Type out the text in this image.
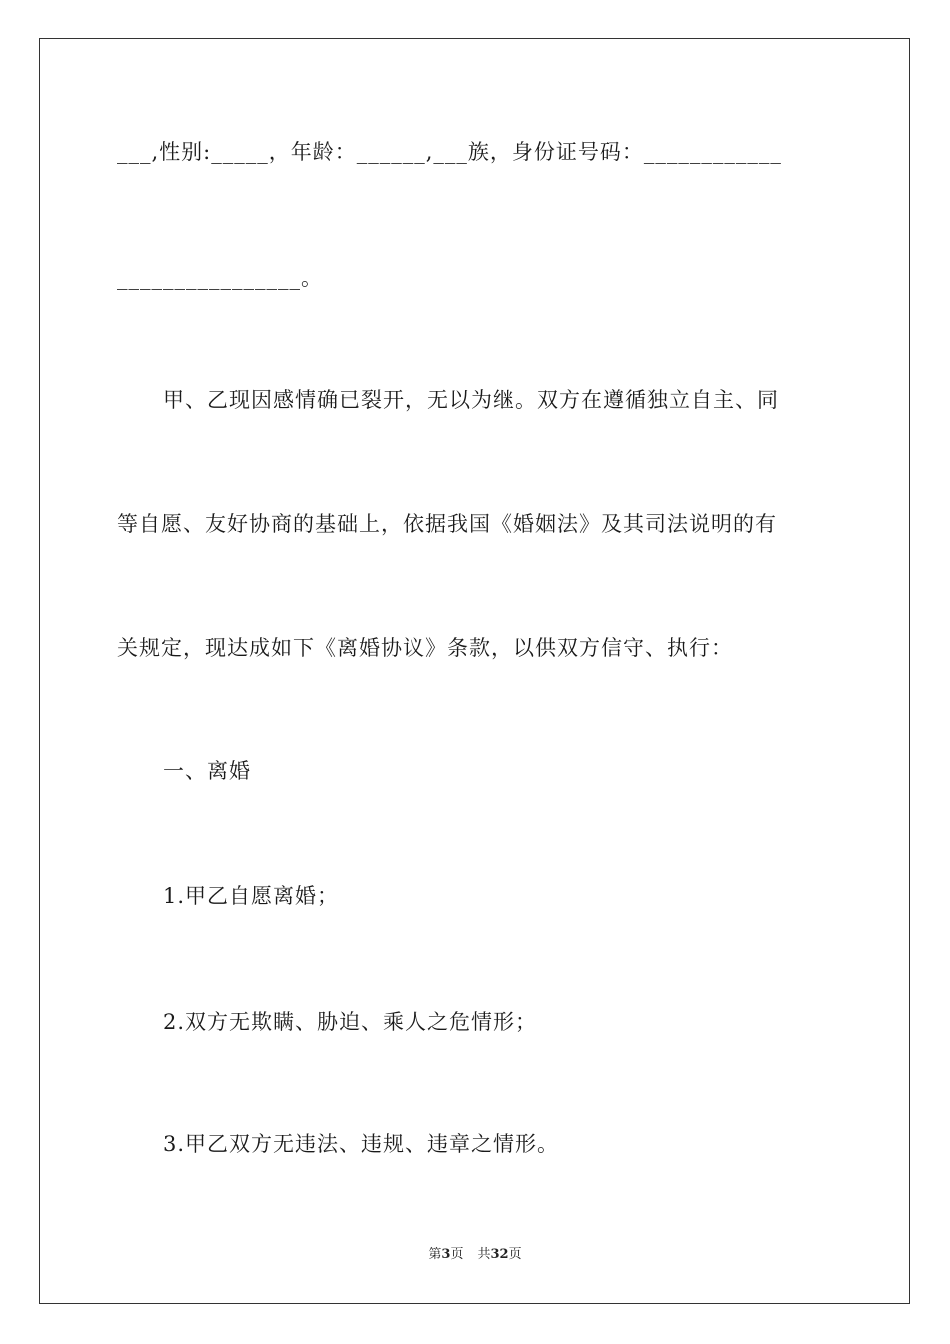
___,性别:_____，年龄：______,___族，身份证号码：____________
________________。
甲、乙现因感情确已裂开，无以为继。双方在遵循独立自主、同
等自愿、友好协商的基础上，依据我国《婚姻法》及其司法说明的有
关规定，现达成如下《离婚协议》条款，以供双方信守、执行：
一、离婚
1.甲乙自愿离婚；
2.双方无欺瞒、胁迫、乘人之危情形；
3.甲乙双方无违法、违规、违章之情形。
第3页 共32页
